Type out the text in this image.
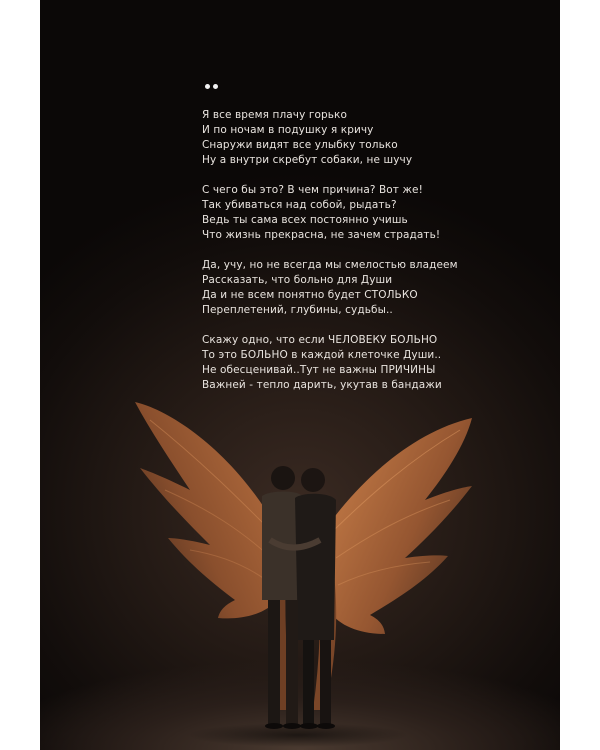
Я все время плачу горько
И по ночам в подушку я кричу
Снаружи видят все улыбку только
Ну а внутри скребут собаки, не шучу
С чего бы это? В чем причина? Вот же!
Так убиваться над собой, рыдать?
Ведь ты сама всех постоянно учишь
Что жизнь прекрасна, не зачем страдать!
Да, учу, но не всегда мы смелостью владеем
Рассказать, что больно для Души
Да и не всем понятно будет СТОЛЬКО
Переплетений, глубины, судьбы..
Скажу одно, что если ЧЕЛОВЕКУ БОЛЬНО
То это БОЛЬНО в каждой клеточке Души..
Не обесценивай..Тут не важны ПРИЧИНЫ
Важней - тепло дарить, укутав в бандажи
